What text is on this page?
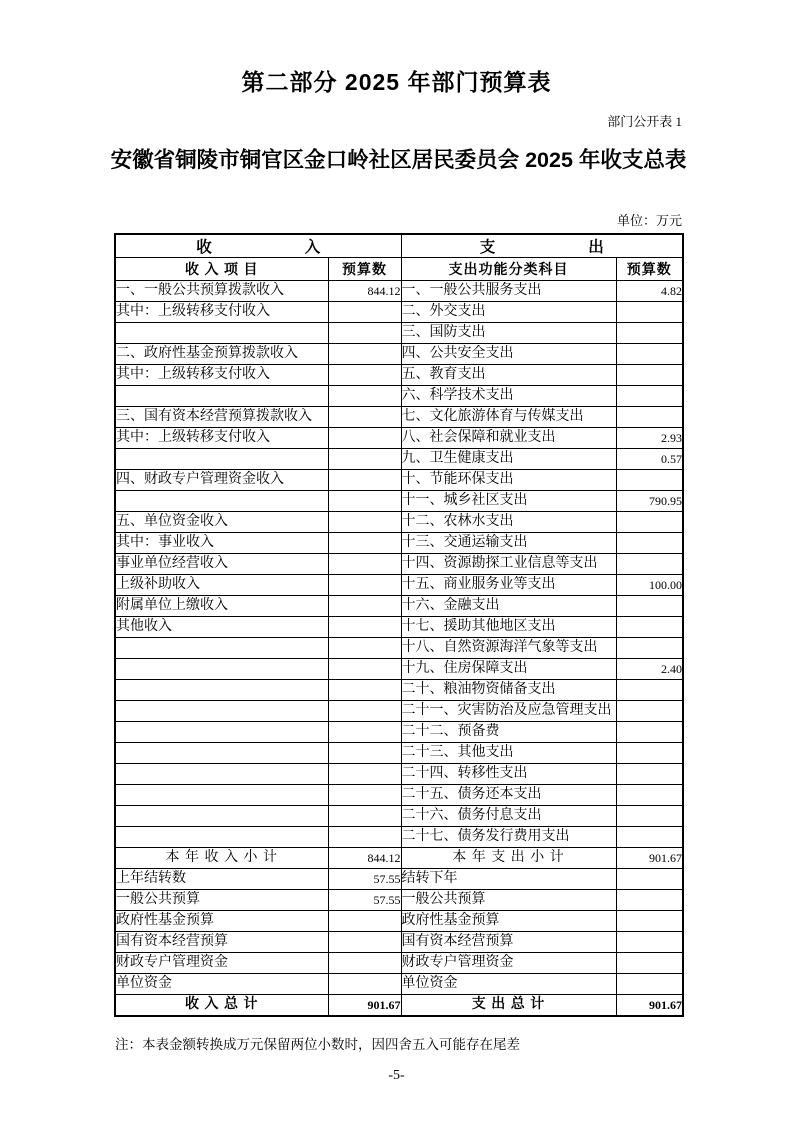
第二部分 2025 年部门预算表
部门公开表 1
安徽省铜陵市铜官区金口岭社区居民委员会 2025 年收支总表
单位：万元
收　　　　　　入		支　　　　　　出	
收 入 项 目	预算数	支出功能分类科目	预算数
一、一般公共预算拨款收入	844.12	一、一般公共服务支出	4.82
其中：上级转移支付收入		二、外交支出	
		三、国防支出	
二、政府性基金预算拨款收入		四、公共安全支出	
其中：上级转移支付收入		五、教育支出	
		六、科学技术支出	
三、国有资本经营预算拨款收入		七、文化旅游体育与传媒支出	
其中：上级转移支付收入		八、社会保障和就业支出	2.93
		九、卫生健康支出	0.57
四、财政专户管理资金收入		十、节能环保支出	
		十一、城乡社区支出	790.95
五、单位资金收入		十二、农林水支出	
其中：事业收入		十三、交通运输支出	
事业单位经营收入		十四、资源勘探工业信息等支出	
上级补助收入		十五、商业服务业等支出	100.00
附属单位上缴收入		十六、金融支出	
其他收入		十七、援助其他地区支出	
		十八、自然资源海洋气象等支出	
		十九、住房保障支出	2.40
		二十、粮油物资储备支出	
		二十一、灾害防治及应急管理支出	
		二十二、预备费	
		二十三、其他支出	
		二十四、转移性支出	
		二十五、债务还本支出	
		二十六、债务付息支出	
		二十七、债务发行费用支出	
本 年 收 入 小 计	844.12	本 年 支 出 小 计	901.67
上年结转数	57.55	结转下年	
一般公共预算	57.55	一般公共预算	
政府性基金预算		政府性基金预算	
国有资本经营预算		国有资本经营预算	
财政专户管理资金		财政专户管理资金	
单位资金		单位资金	
收 入 总 计	901.67	支 出 总 计	901.67
注：本表金额转换成万元保留两位小数时，因四舍五入可能存在尾差
-5-
